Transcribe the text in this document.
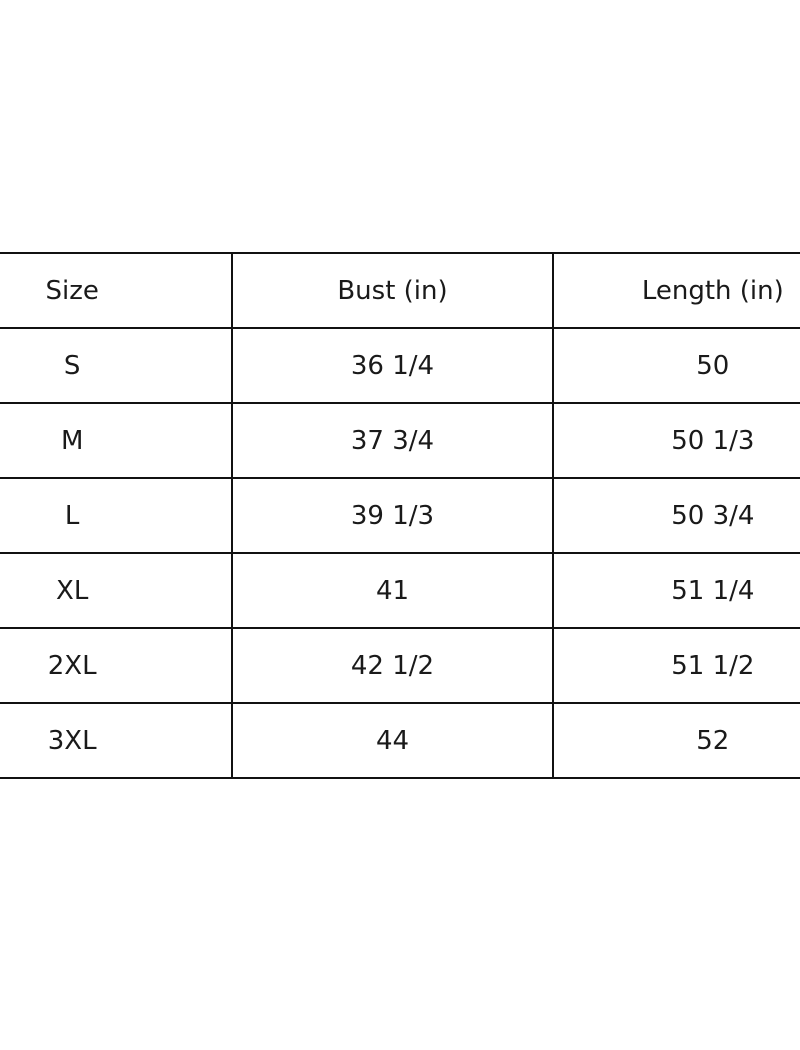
Size	Bust (in)	Length (in)
S	36 1/4	50
M	37 3/4	50 1/3
L	39 1/3	50 3/4
XL	41	51 1/4
2XL	42 1/2	51 1/2
3XL	44	52
